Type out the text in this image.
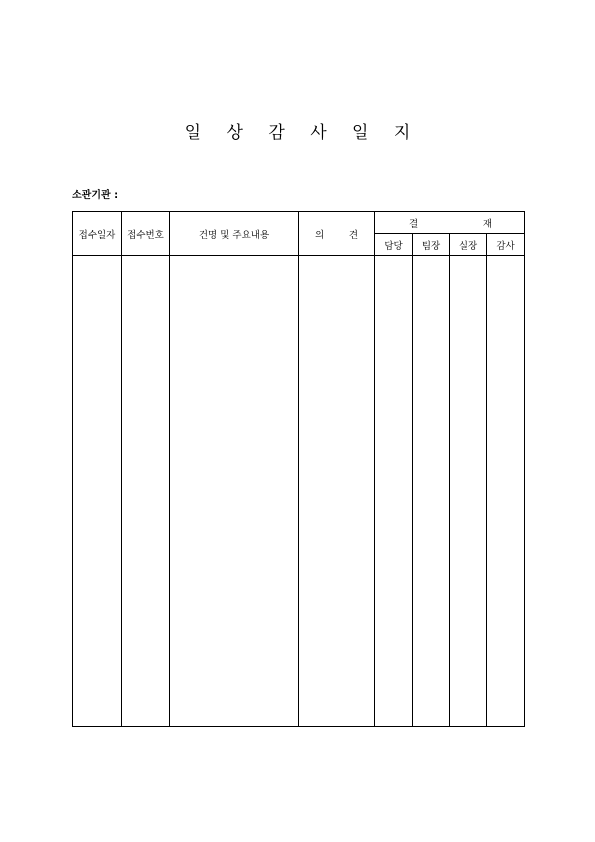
일 상 감 사 일 지
소관기관 :
접수일자	접수번호	건명 및 주요내용	의 견	결 재			

				담당	팀장	실장	감사
